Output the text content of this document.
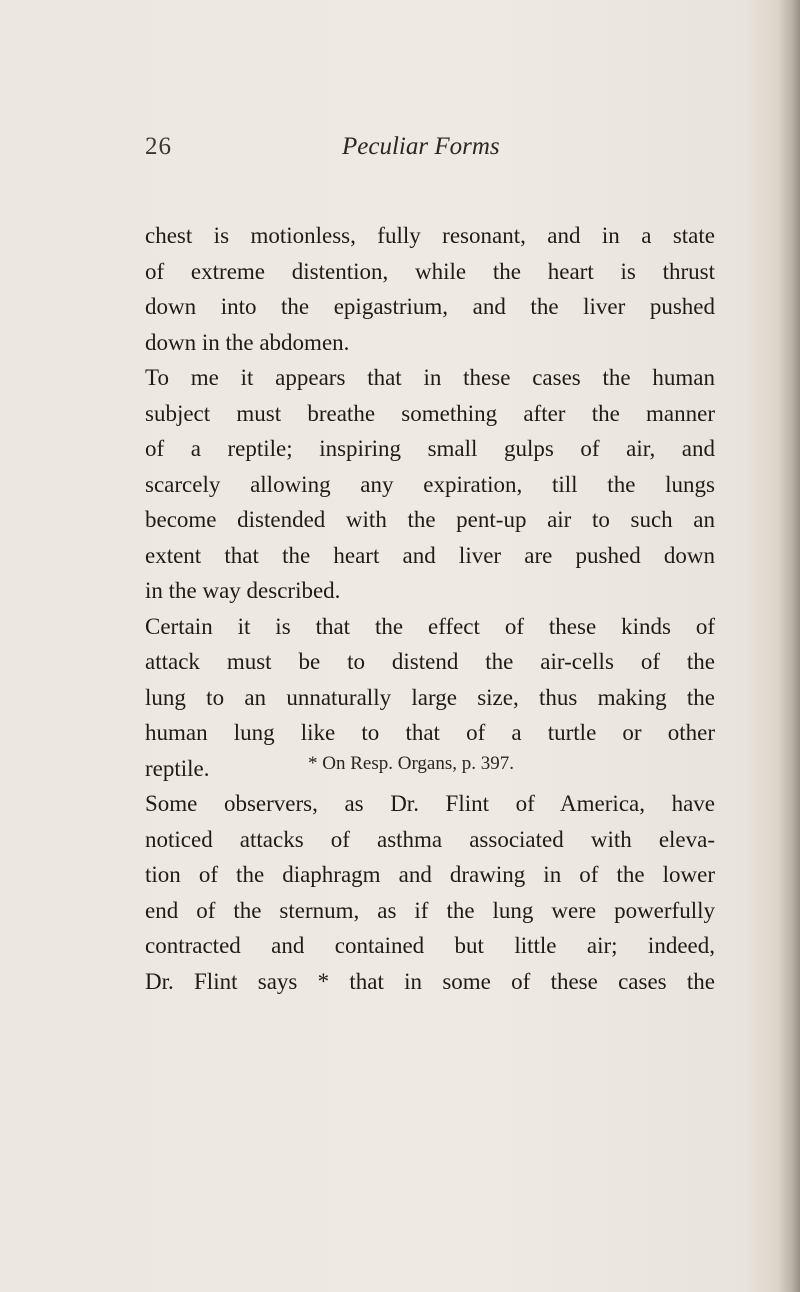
26	Peculiar Forms
chest is motionless, fully resonant, and in a state
of extreme distention, while the heart is thrust
down into the epigastrium, and the liver pushed
down in the abdomen.
To me it appears that in these cases the human
subject must breathe something after the manner
of a reptile; inspiring small gulps of air, and
scarcely allowing any expiration, till the lungs
become distended with the pent-up air to such an
extent that the heart and liver are pushed down
in the way described.
Certain it is that the effect of these kinds of
attack must be to distend the air-cells of the
lung to an unnaturally large size, thus making the
human lung like to that of a turtle or other
reptile.
Some observers, as Dr. Flint of America, have
noticed attacks of asthma associated with eleva-
tion of the diaphragm and drawing in of the lower
end of the sternum, as if the lung were powerfully
contracted and contained but little air; indeed,
Dr. Flint says * that in some of these cases the
* On Resp. Organs, p. 397.
